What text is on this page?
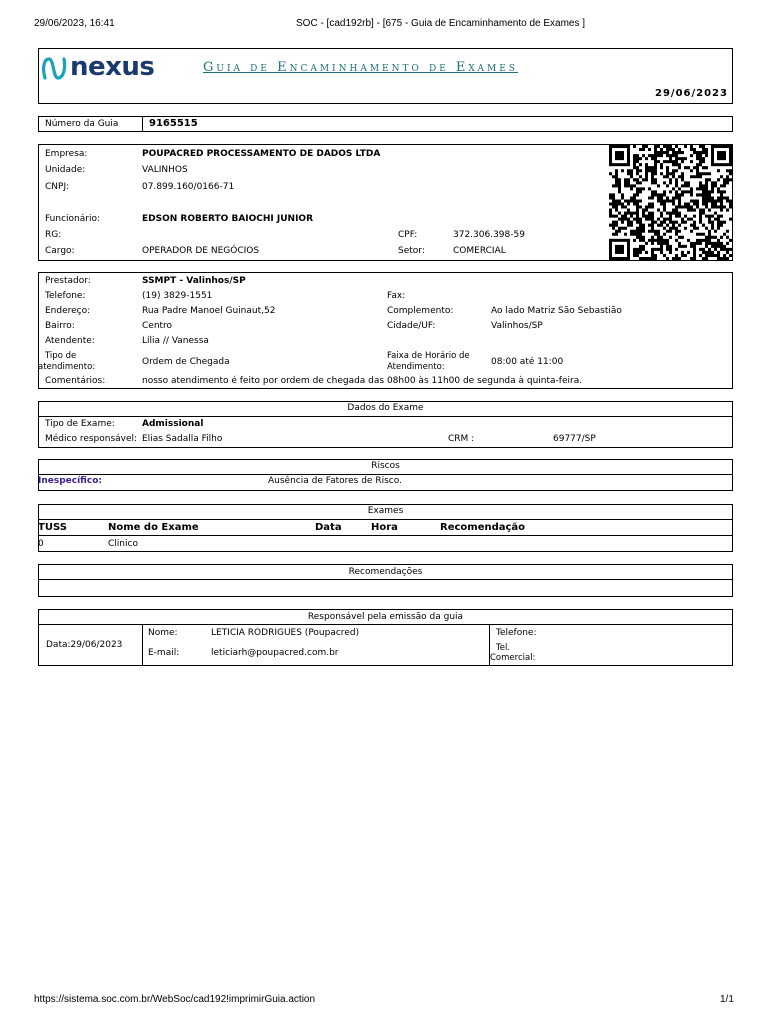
29/06/2023, 16:41	SOC - [cad192rb] - [675 - Guia de Encaminhamento de Exames ]
nexus	Guia de Encaminhamento de Exames
29/06/2023
Número da Guia	9165515
Empresa:	POUPACRED PROCESSAMENTO DE DADOS LTDA
Unidade:	VALINHOS
CNPJ:	07.899.160/0166-71
Funcionário:	EDSON ROBERTO BAIOCHI JUNIOR
RG:	CPF:	372.306.398-59
Cargo:	OPERADOR DE NEGÓCIOS	Setor:	COMERCIAL
Prestador:	SSMPT - Valinhos/SP
Telefone:	(19) 3829-1551	Fax:
Endereço:	Rua Padre Manoel Guinaut,52	Complemento:	Ao lado Matriz São Sebastião
Bairro:	Centro	Cidade/UF:	Valinhos/SP
Atendente:	Lília // Vanessa
Tipo de
atendimento:	Ordem de Chegada
Faixa de Horário de
Atendimento:	08:00 até 11:00
Comentários:	nosso atendimento é feito por ordem de chegada das 08h00 às 11h00 de segunda à quinta-feira.
Dados do Exame
Tipo de Exame:	Admissional
Médico responsável: Elias Sadalla Filho	CRM :	69777/SP
Riscos
Inespecífico:	Ausência de Fatores de Risco.
Exames
TUSS	Nome do Exame	Data	Hora	Recomendação
0	Clinico
Recomendações
Responsável pela emissão da guia
Data:29/06/2023
Nome:	LETICIA RODRIGUES (Poupacred)
E-mail:	leticiarh@poupacred.com.br
Telefone:
Tel.
Comercial:
https://sistema.soc.com.br/WebSoc/cad192!imprimirGuia.action	1/1
